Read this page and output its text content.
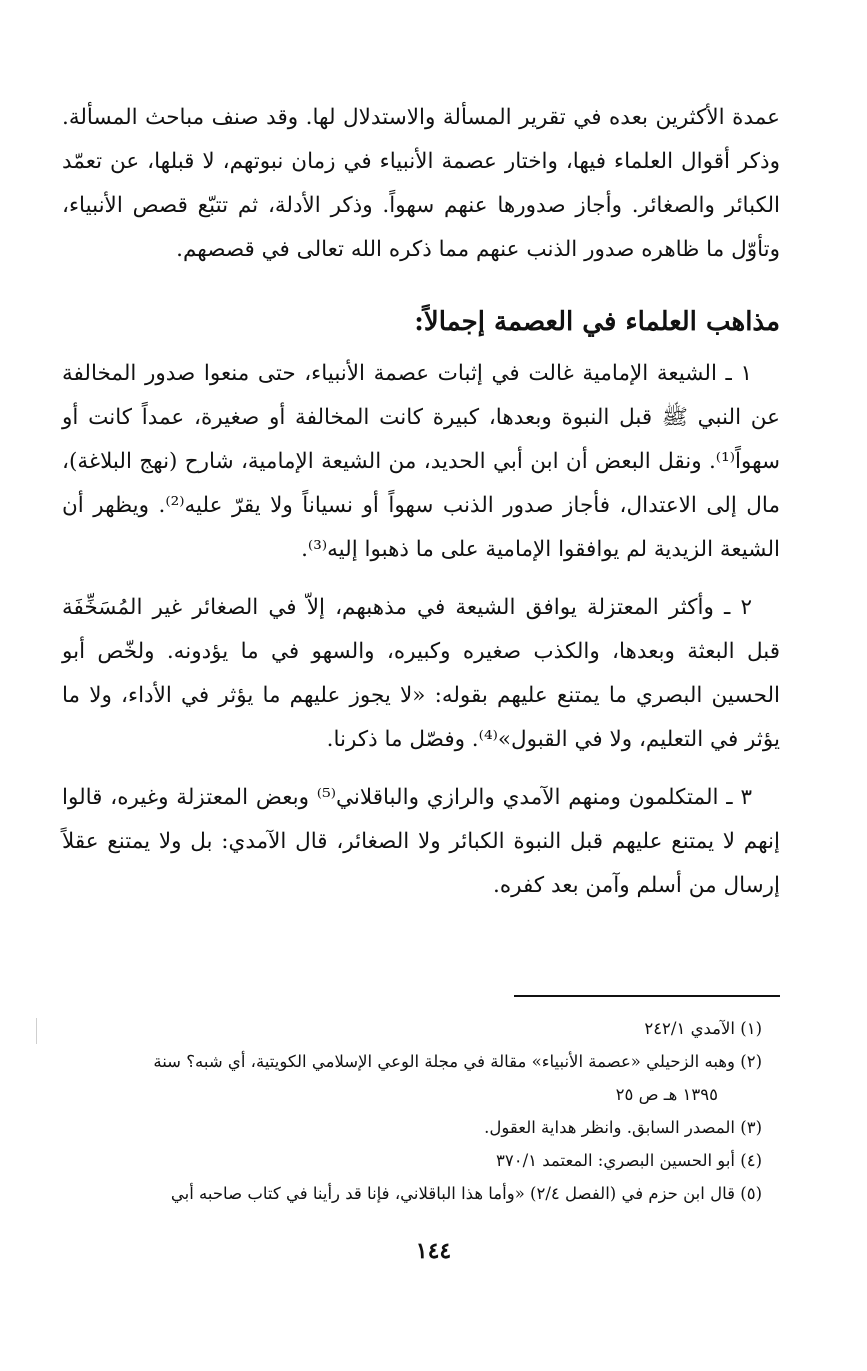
عمدة الأكثرين بعده في تقرير المسألة والاستدلال لها. وقد صنف مباحث المسألة. وذكر أقوال العلماء فيها، واختار عصمة الأنبياء في زمان نبوتهم، لا قبلها، عن تعمّد الكبائر والصغائر. وأجاز صدورها عنهم سهواً. وذكر الأدلة، ثم تتبّع قصص الأنبياء، وتأوّل ما ظاهره صدور الذنب عنهم مما ذكره الله تعالى في قصصهم.

مذاهب العلماء في العصمة إجمالاً:

١ ـ الشيعة الإمامية غالت في إثبات عصمة الأنبياء، حتى منعوا صدور المخالفة عن النبي ﷺ قبل النبوة وبعدها، كبيرة كانت المخالفة أو صغيرة، عمداً كانت أو سهواً⁽¹⁾. ونقل البعض أن ابن أبي الحديد، من الشيعة الإمامية، شارح (نهج البلاغة)، مال إلى الاعتدال، فأجاز صدور الذنب سهواً أو نسياناً ولا يقرّ عليه⁽²⁾. ويظهر أن الشيعة الزيدية لم يوافقوا الإمامية على ما ذهبوا إليه⁽³⁾.

٢ ـ وأكثر المعتزلة يوافق الشيعة في مذهبهم، إلاّ في الصغائر غير المُسَخِّفَة قبل البعثة وبعدها، والكذب صغيره وكبيره، والسهو في ما يؤدونه. ولخّص أبو الحسين البصري ما يمتنع عليهم بقوله: «لا يجوز عليهم ما يؤثر في الأداء، ولا ما يؤثر في التعليم، ولا في القبول»⁽⁴⁾. وفصّل ما ذكرنا.

٣ ـ المتكلمون ومنهم الآمدي والرازي والباقلاني⁽⁵⁾ وبعض المعتزلة وغيره، قالوا إنهم لا يمتنع عليهم قبل النبوة الكبائر ولا الصغائر، قال الآمدي: بل ولا يمتنع عقلاً إرسال من أسلم وآمن بعد كفره.

(١) الآمدي ٢٤٢/١

(٢) وهبه الزحيلي «عصمة الأنبياء» مقالة في مجلة الوعي الإسلامي الكويتية، أي شبه؟ سنة

١٣٩٥ هـ ص ٢٥

(٣) المصدر السابق. وانظر هداية العقول.

(٤) أبو الحسين البصري: المعتمد ٣٧٠/١

(٥) قال ابن حزم في (الفصل ٢/٤) «وأما هذا الباقلاني، فإنا قد رأينا في كتاب صاحبه أبي

١٤٤
